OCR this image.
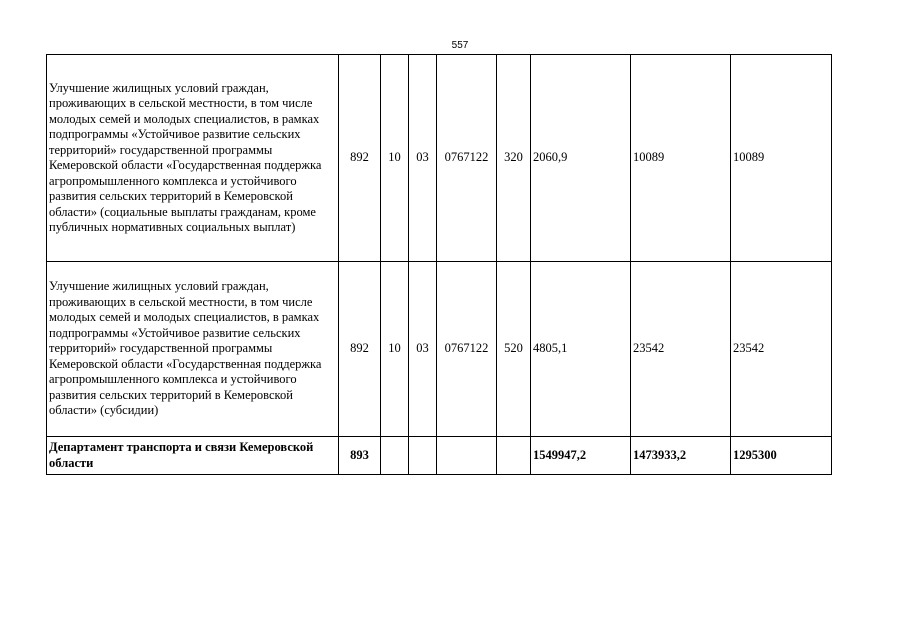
557
Улучшение жилищных условий граждан, проживающих в сельской местности, в том числе молодых семей и молодых специалистов, в рамках подпрограммы «Устойчивое развитие сельских территорий» государственной программы Кемеровской области «Государственная поддержка агропромышленного комплекса и устойчивого развития сельских территорий в Кемеровской области» (социальные выплаты гражданам, кроме публичных нормативных социальных выплат)	892	10	03	0767122	320	2060,9	10089	10089
Улучшение жилищных условий граждан, проживающих в сельской местности, в том числе молодых семей и молодых специалистов, в рамках подпрограммы «Устойчивое развитие сельских территорий» государственной программы Кемеровской области «Государственная поддержка агропромышленного комплекса и устойчивого развития сельских территорий в Кемеровской области» (субсидии)	892	10	03	0767122	520	4805,1	23542	23542
Департамент транспорта и связи Кемеровской области	893					1549947,2	1473933,2	1295300
